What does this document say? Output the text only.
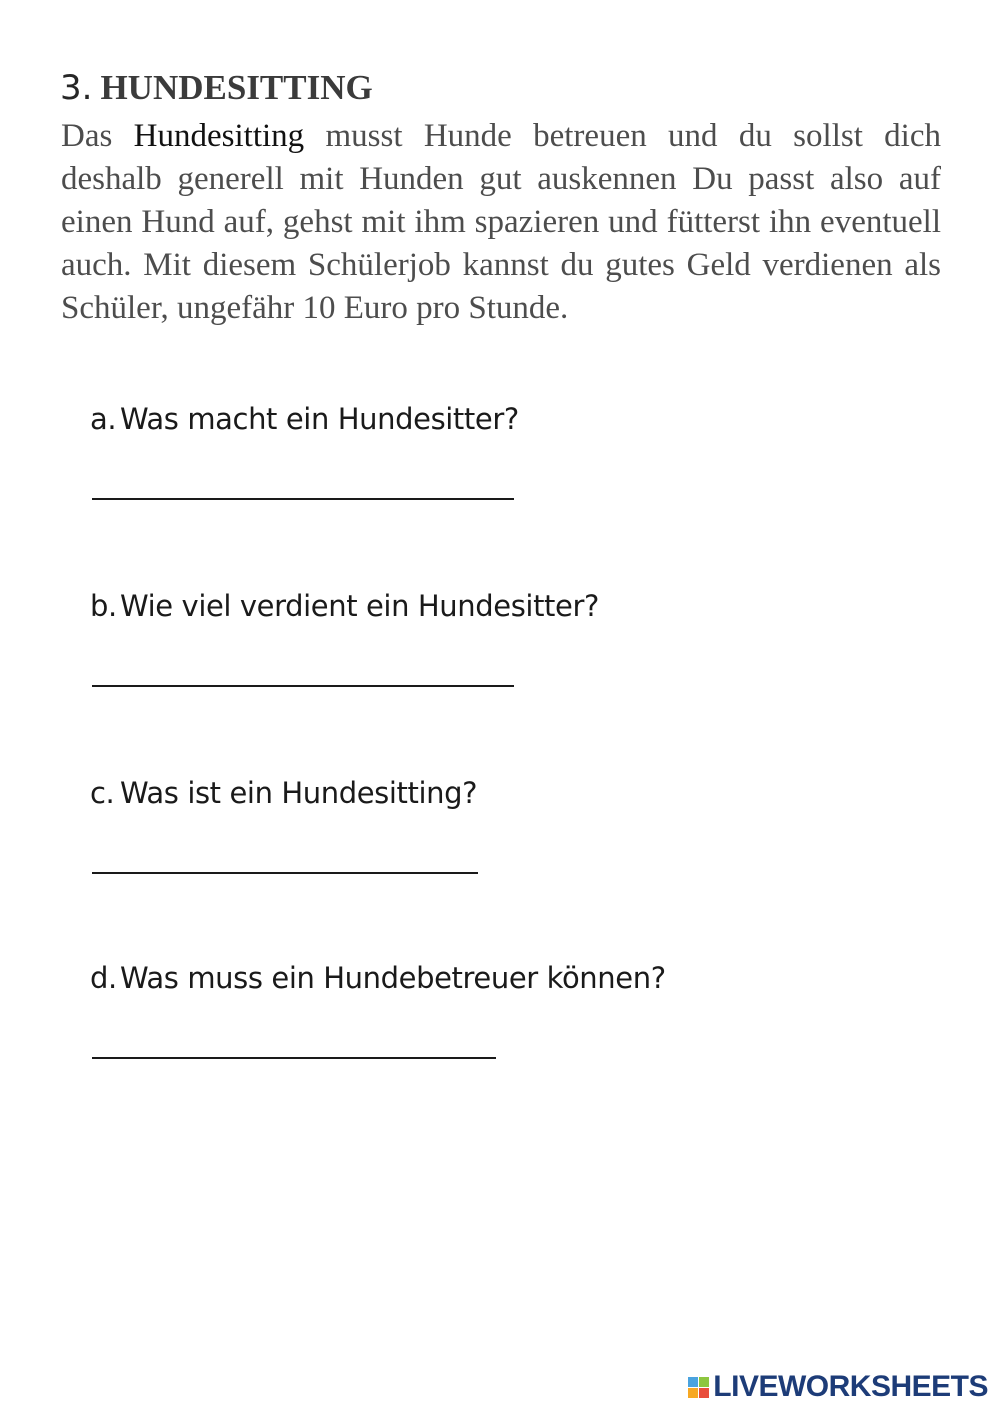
3. HUNDESITTING

Das Hundesitting musst Hunde betreuen und du sollst dich deshalb generell mit Hunden gut auskennen Du passt also auf einen Hund auf, gehst mit ihm spazieren und fütterst ihn eventuell auch. Mit diesem Schülerjob kannst du gutes Geld verdienen als Schüler, ungefähr 10 Euro pro Stunde.

a. Was macht ein Hundesitter?

b. Wie viel verdient ein Hundesitter?

c. Was ist ein Hundesitting?

d. Was muss ein Hundebetreuer können?

LIVEWORKSHEETS
